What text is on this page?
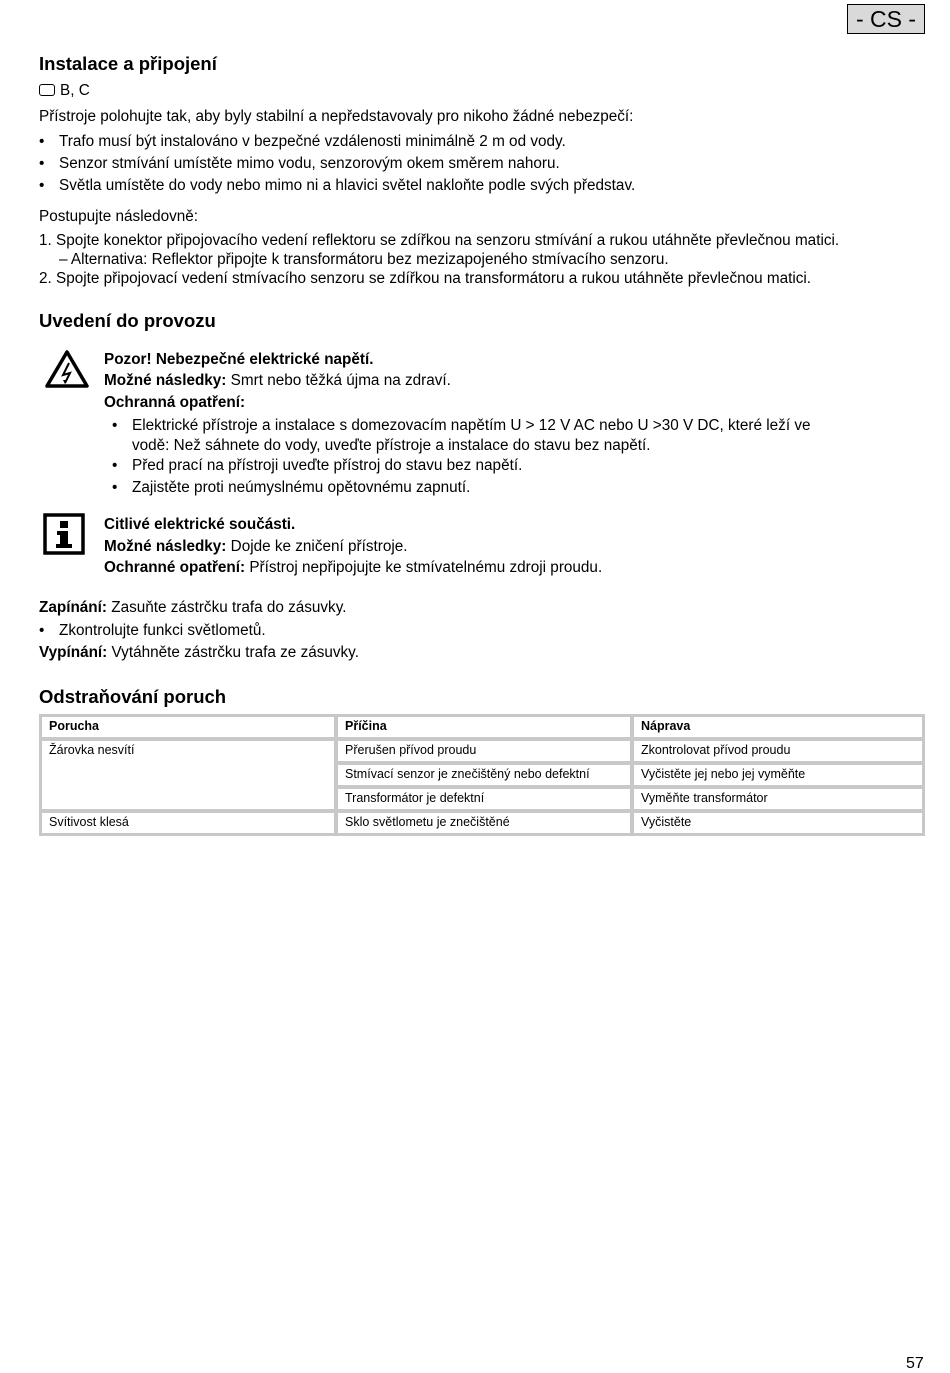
- CS -
Instalace a připojení
B, C
Přístroje polohujte tak, aby byly stabilní a nepředstavovaly pro nikoho žádné nebezpečí:
• Trafo musí být instalováno v bezpečné vzdálenosti minimálně 2 m od vody.
• Senzor stmívání umístěte mimo vodu, senzorovým okem směrem nahoru.
• Světla umístěte do vody nebo mimo ni a hlavici světel nakloňte podle svých představ.
Postupujte následovně:
1. Spojte konektor připojovacího vedení reflektoru se zdířkou na senzoru stmívání a rukou utáhněte převlečnou matici.
– Alternativa: Reflektor připojte k transformátoru bez mezizapojeného stmívacího senzoru.
2. Spojte připojovací vedení stmívacího senzoru se zdířkou na transformátoru a rukou utáhněte převlečnou matici.
Uvedení do provozu
Pozor! Nebezpečné elektrické napětí.
Možné následky: Smrt nebo těžká újma na zdraví.
Ochranná opatření:
• Elektrické přístroje a instalace s domezovacím napětím U > 12 V AC nebo U >30 V DC, které leží ve
vodě: Než sáhnete do vody, uveďte přístroje a instalace do stavu bez napětí.
• Před prací na přístroji uveďte přístroj do stavu bez napětí.
• Zajistěte proti neúmyslnému opětovnému zapnutí.
Citlivé elektrické součásti.
Možné následky: Dojde ke zničení přístroje.
Ochranné opatření: Přístroj nepřipojujte ke stmívatelnému zdroji proudu.
Zapínání: Zasuňte zástrčku trafa do zásuvky.
• Zkontrolujte funkci světlometů.
Vypínání: Vytáhněte zástrčku trafa ze zásuvky.
Odstraňování poruch
Porucha	Příčina	Náprava
Žárovka nesvítí	Přerušen přívod proudu	Zkontrolovat přívod proudu
	Stmívací senzor je znečištěný nebo defektní	Vyčistěte jej nebo jej vyměňte
	Transformátor je defektní	Vyměňte transformátor
Svítivost klesá	Sklo světlometu je znečištěné	Vyčistěte
57
